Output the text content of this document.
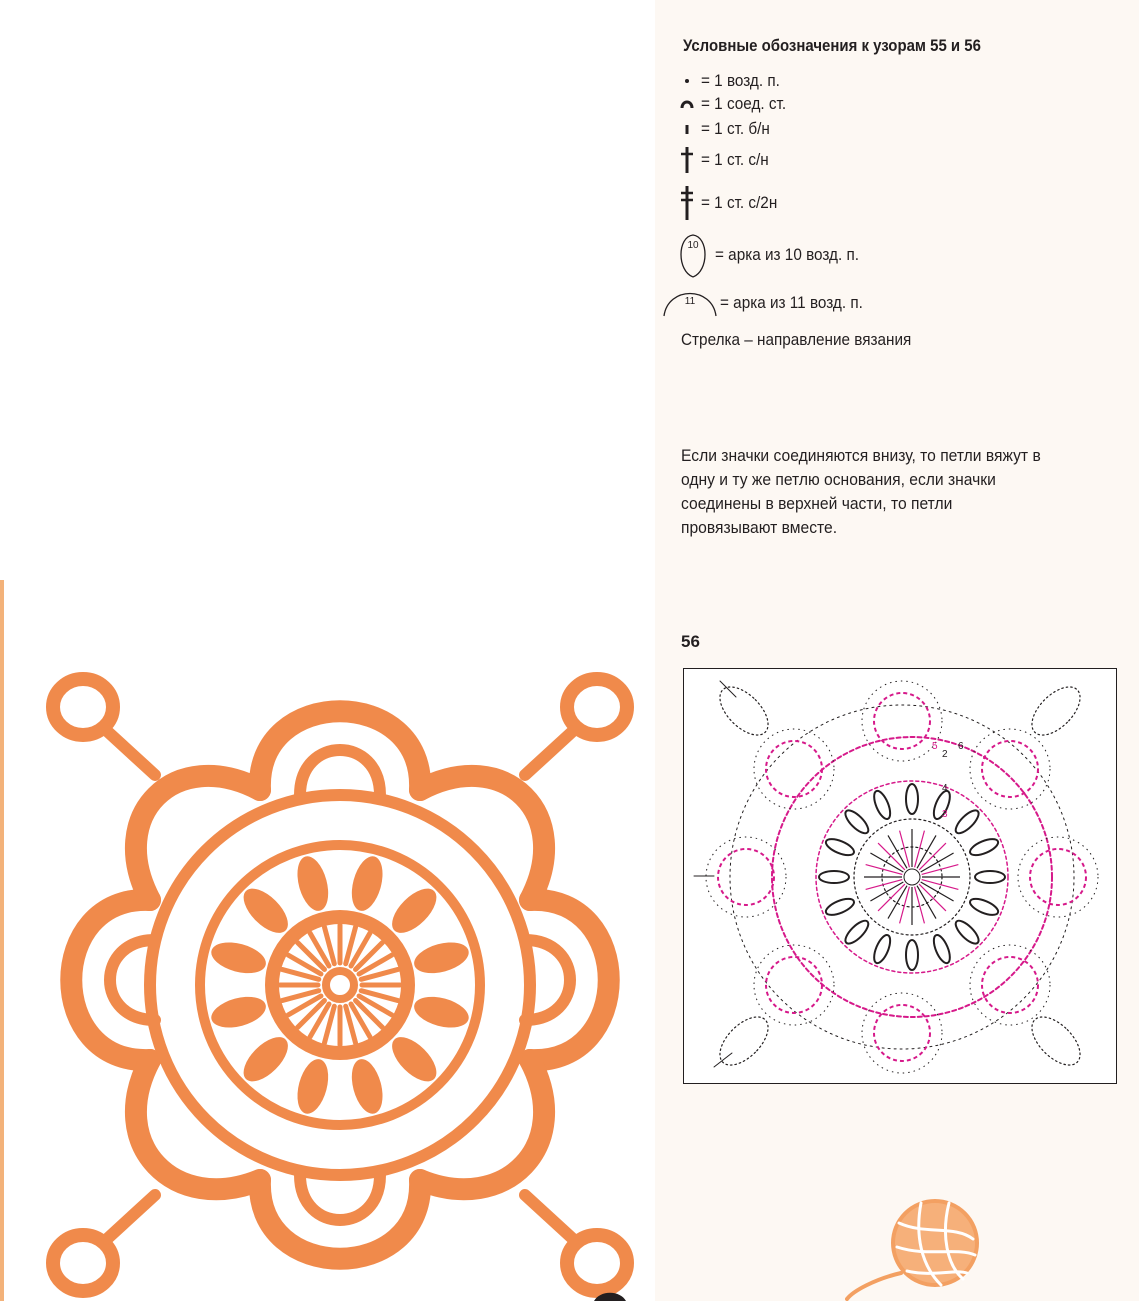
Условные обозначения к узорам 55 и 56
= 1 возд. п.
= 1 соед. ст.
= 1 ст. б/н
= 1 ст. с/н
= 1 ст. с/2н
10 = арка из 10 возд. п.
11 = арка из 11 возд. п.
Стрелка – направление вязания
Если значки соединяются внизу, то петли вяжут в одну и ту же петлю основания, если значки соединены в верхней части, то петли провязывают вместе.
56
2
3
4
5 6
